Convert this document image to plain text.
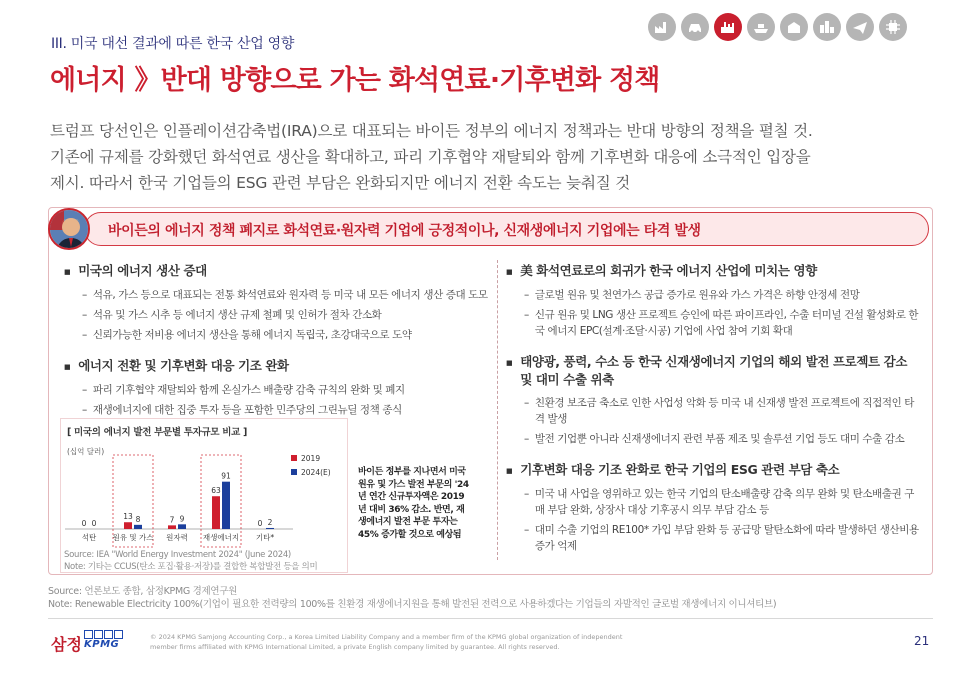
III. 미국 대선 결과에 따른 한국 산업 영향
에너지 》반대 방향으로 가는 화석연료·기후변화 정책
트럼프 당선인은 인플레이션감축법(IRA)으로 대표되는 바이든 정부의 에너지 정책과는 반대 방향의 정책을 펼칠 것.
기존에 규제를 강화했던 화석연료 생산을 확대하고, 파리 기후협약 재탈퇴와 함께 기후변화 대응에 소극적인 입장을
제시. 따라서 한국 기업들의 ESG 관련 부담은 완화되지만 에너지 전환 속도는 늦춰질 것
바이든의 에너지 정책 폐지로 화석연료·원자력 기업에 긍정적이나, 신재생에너지 기업에는 타격 발생
■ 미국의 에너지 생산 증대
– 석유, 가스 등으로 대표되는 전통 화석연료와 원자력 등 미국 내 모든 에너지 생산 증대 도모
– 석유 및 가스 시추 등 에너지 생산 규제 철폐 및 인허가 절차 간소화
– 신뢰가능한 저비용 에너지 생산을 통해 에너지 독립국, 초강대국으로 도약
■ 에너지 전환 및 기후변화 대응 기조 완화
– 파리 기후협약 재탈퇴와 함께 온실가스 배출량 감축 규칙의 완화 및 폐지
– 재생에너지에 대한 집중 투자 등을 포함한 민주당의 그린뉴딜 정책 종식
■ 美 화석연료로의 회귀가 한국 에너지 산업에 미치는 영향
– 글로벌 원유 및 천연가스 공급 증가로 원유와 가스 가격은 하향 안정세 전망
– 신규 원유 및 LNG 생산 프로젝트 승인에 따른 파이프라인, 수출 터미널 건설 활성화로 한국 에너지 EPC(설계·조달·시공) 기업에 사업 참여 기회 확대
■ 태양광, 풍력, 수소 등 한국 신재생에너지 기업의 해외 발전 프로젝트 감소 및 대미 수출 위축
– 친환경 보조금 축소로 인한 사업성 악화 등 미국 내 신재생 발전 프로젝트에 직접적인 타격 발생
– 발전 기업뿐 아니라 신재생에너지 관련 부품 제조 및 솔루션 기업 등도 대미 수출 감소
■ 기후변화 대응 기조 완화로 한국 기업의 ESG 관련 부담 축소
– 미국 내 사업을 영위하고 있는 한국 기업의 탄소배출량 감축 의무 완화 및 탄소배출권 구매 부담 완화, 상장사 대상 기후공시 의무 부담 감소 등
– 대미 수출 기업의 RE100* 가입 부담 완화 등 공급망 탈탄소화에 따라 발생하던 생산비용 증가 억제
[ 미국의 에너지 발전 부문별 투자규모 비교 ]
(십억 달러)
0 0
석탄
13 8
원유 및 가스
7 9
원자력
63
91
재생에너지
0 2
기타*
2019
2024(E)	바이든 정부를 지나면서 미국 원유 및 가스 발전 부문의 '24년 연간 신규투자액은 2019년 대비 36% 감소. 반면, 재생에너지 발전 부문 투자는 45% 증가할 것으로 예상됨
Source: IEA "World Energy Investment 2024" (June 2024)
Note: 기타는 CCUS(탄소 포집·활용·저장)를 결합한 복합발전 등을 의미
Source: 언론보도 종합, 삼정KPMG 경제연구원
Note: Renewable Electricity 100%(기업이 필요한 전력량의 100%를 친환경 재생에너지원을 통해 발전된 전력으로 사용하겠다는 기업들의 자발적인 글로벌 재생에너지 이니셔티브)
삼정 KPMG
© 2024 KPMG Samjong Accounting Corp., a Korea Limited Liability Company and a member firm of the KPMG global organization of independent
member firms affiliated with KPMG International Limited, a private English company limited by guarantee. All rights reserved.	21
